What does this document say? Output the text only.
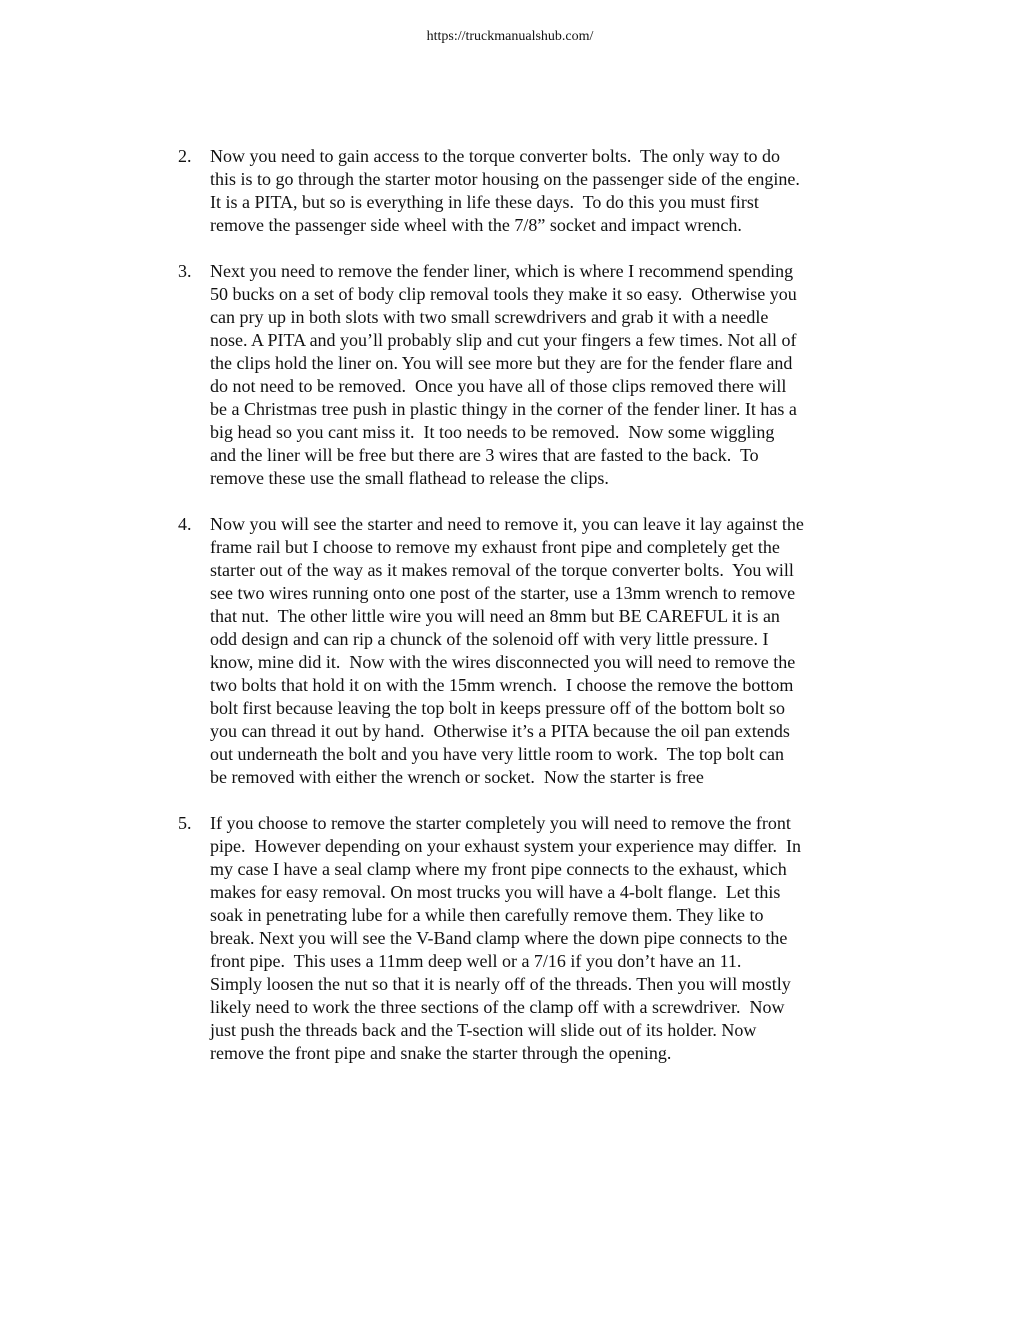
https://truckmanualshub.com/
2.	Now you need to gain access to the torque converter bolts.  The only way to do
this is to go through the starter motor housing on the passenger side of the engine.
It is a PITA, but so is everything in life these days.  To do this you must first
remove the passenger side wheel with the 7/8” socket and impact wrench.
3.	Next you need to remove the fender liner, which is where I recommend spending
50 bucks on a set of body clip removal tools they make it so easy.  Otherwise you
can pry up in both slots with two small screwdrivers and grab it with a needle
nose. A PITA and you’ll probably slip and cut your fingers a few times. Not all of
the clips hold the liner on. You will see more but they are for the fender flare and
do not need to be removed.  Once you have all of those clips removed there will
be a Christmas tree push in plastic thingy in the corner of the fender liner. It has a
big head so you cant miss it.  It too needs to be removed.  Now some wiggling
and the liner will be free but there are 3 wires that are fasted to the back.  To
remove these use the small flathead to release the clips.
4.	Now you will see the starter and need to remove it, you can leave it lay against the
frame rail but I choose to remove my exhaust front pipe and completely get the
starter out of the way as it makes removal of the torque converter bolts.  You will
see two wires running onto one post of the starter, use a 13mm wrench to remove
that nut.  The other little wire you will need an 8mm but BE CAREFUL it is an
odd design and can rip a chunck of the solenoid off with very little pressure. I
know, mine did it.  Now with the wires disconnected you will need to remove the
two bolts that hold it on with the 15mm wrench.  I choose the remove the bottom
bolt first because leaving the top bolt in keeps pressure off of the bottom bolt so
you can thread it out by hand.  Otherwise it’s a PITA because the oil pan extends
out underneath the bolt and you have very little room to work.  The top bolt can
be removed with either the wrench or socket.  Now the starter is free
5.	If you choose to remove the starter completely you will need to remove the front
pipe.  However depending on your exhaust system your experience may differ.  In
my case I have a seal clamp where my front pipe connects to the exhaust, which
makes for easy removal. On most trucks you will have a 4-bolt flange.  Let this
soak in penetrating lube for a while then carefully remove them. They like to
break. Next you will see the V-Band clamp where the down pipe connects to the
front pipe.  This uses a 11mm deep well or a 7/16 if you don’t have an 11.
Simply loosen the nut so that it is nearly off of the threads. Then you will mostly
likely need to work the three sections of the clamp off with a screwdriver.  Now
just push the threads back and the T-section will slide out of its holder. Now
remove the front pipe and snake the starter through the opening.
